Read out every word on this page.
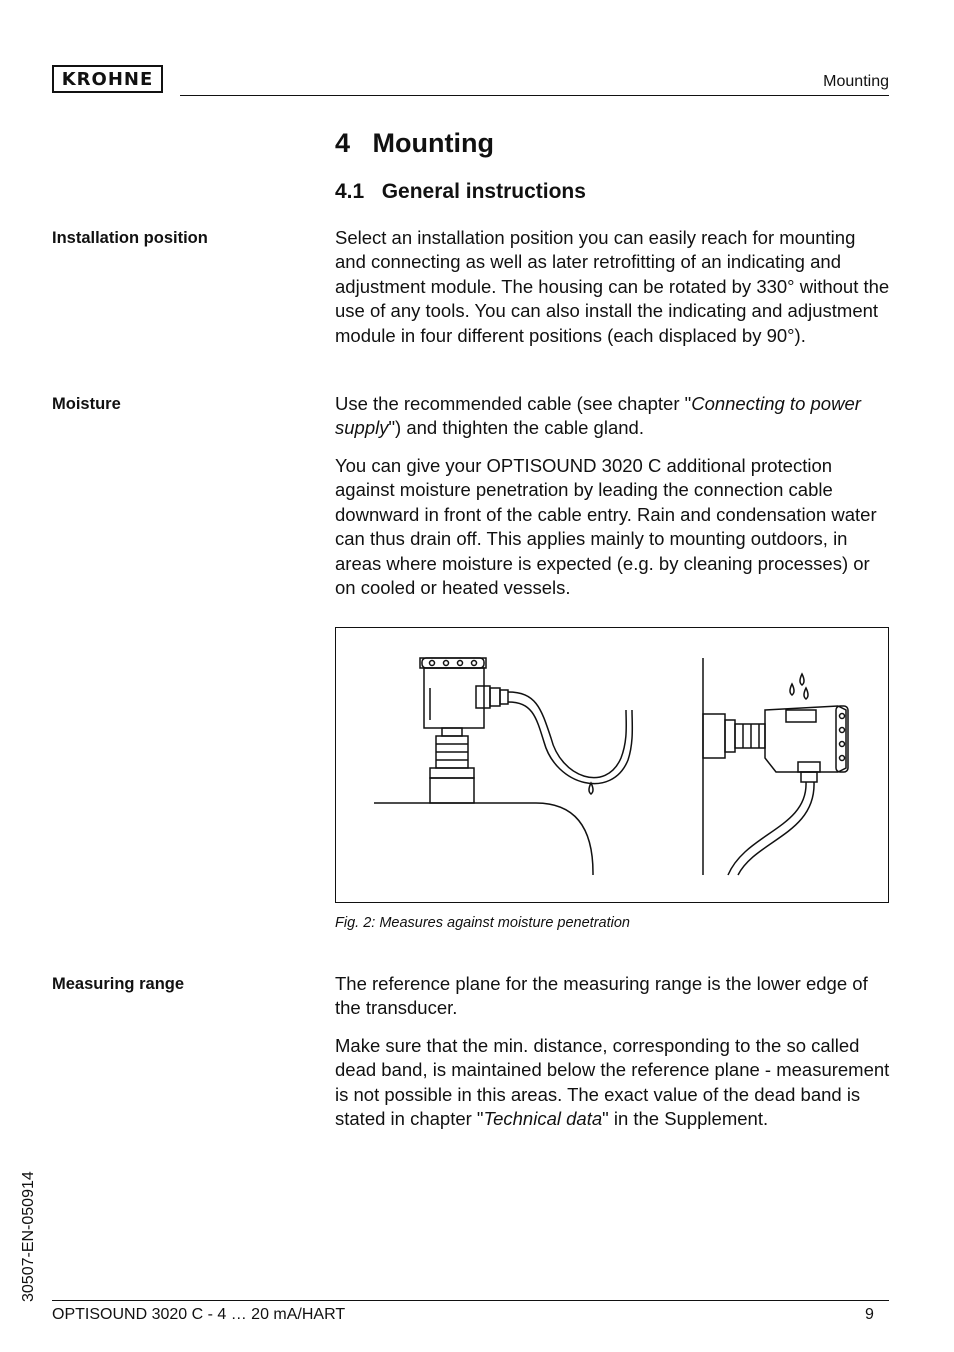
KROHNE	Mounting
4   Mounting
4.1   General instructions
Installation position	Select an installation position you can easily reach for mounting and connecting as well as later retrofitting of an indicating and adjustment module. The housing can be rotated by 330° without the use of any tools. You can also install the indicating and adjustment module in four different positions (each displaced by 90°).

Moisture	Use the recommended cable (see chapter "Connecting to power supply") and thighten the cable gland.

You can give your OPTISOUND 3020 C additional protection against moisture penetration by leading the connection cable downward in front of the cable entry. Rain and condensation water can thus drain off. This applies mainly to mounting outdoors, in areas where moisture is expected (e.g. by cleaning processes) or on cooled or heated vessels.

Fig. 2: Measures against moisture penetration
Measuring range	The reference plane for the measuring range is the lower edge of the transducer.

Make sure that the min. distance, corresponding to the so called dead band, is maintained below the reference plane - measurement is not possible in this areas. The exact value of the dead band is stated in chapter "Technical data" in the Supplement.

30507-EN-050914
OPTISOUND 3020 C - 4 … 20 mA/HART	9
